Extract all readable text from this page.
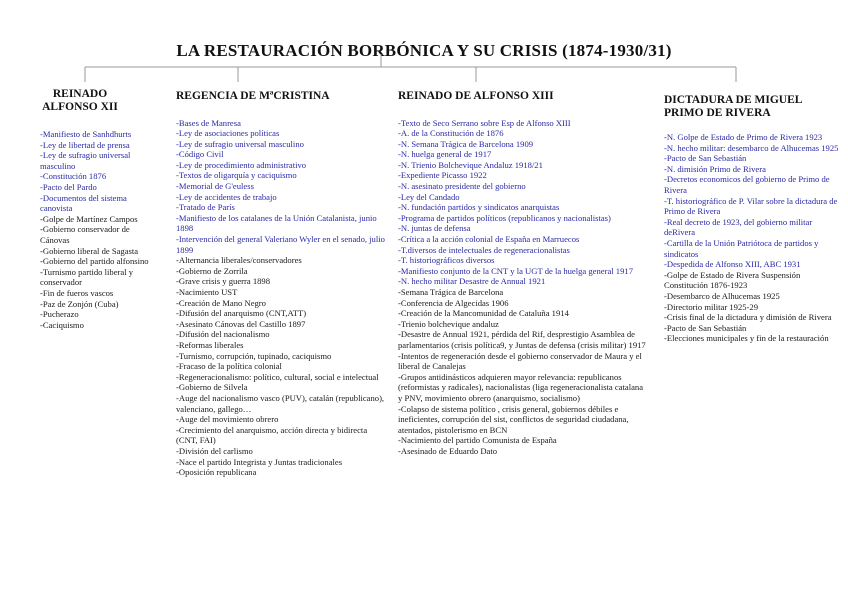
LA RESTAURACIÓN BORBÓNICA Y SU CRISIS (1874-1930/31)
REINADO ALFONSO XII
-Manifiesto de Sanhdhurts
-Ley de libertad de prensa
-Ley de sufragio universal masculino
-Constitución 1876
-Pacto del Pardo
-Documentos del sistema canovista
-Golpe de Martínez Campos
-Gobierno conservador de Cánovas
-Gobierno liberal de Sagasta
-Gobierno del partido alfonsino
-Turnismo partido liberal y conservador
-Fin de fueros vascos
-Paz de Zonjón (Cuba)
-Pucherazo
-Caciquismo
REGENCIA DE MªCRISTINA
-Bases de Manresa
-Ley de asociaciones políticas
-Ley de sufragio universal masculino
-Código Civil
-Ley de procedimiento administrativo
-Textos de oligarquía y caciquismo
-Memorial de G'euless
-Ley de accidentes de trabajo
-Tratado de París
-Manifiesto de los catalanes de la Unión Catalanista, junio 1898
-Intervención del general Valeriano Wyler en el senado, julio 1899
-Alternancia liberales/conservadores
-Gobierno de Zorrila
-Grave crisis y guerra 1898
-Nacimiento UST
-Creación de Mano Negro
-Difusión del anarquismo (CNT,ATT)
-Asesinato Cánovas del Castillo 1897
-Difusión del nacionalismo
-Reformas liberales
-Turnismo, corrupción, tupinado, caciquismo
-Fracaso de la política colonial
-Regeneracionalismo: político, cultural, social e intelectual
-Gobierno de Silvela
-Auge del nacionalismo vasco (PUV), catalán (republicano), valenciano, gallego…
-Auge del movimiento obrero
-Crecimiento del anarquismo, acción directa y bidirecta (CNT, FAI)
-División del carlismo
-Nace el partido Integrista y Juntas tradicionales
-Oposición republicana
REINADO DE ALFONSO XIII
-Texto de Seco Serrano sobre Esp de Alfonso XIII
-A. de la Constitución de 1876
-N. Semana Trágica de Barcelona 1909
-N. huelga general de 1917
-N. Trienio Bolchevique Andaluz 1918/21
-Expediente Picasso 1922
-N. asesinato presidente del gobierno
-Ley del Candado
-N. fundación partidos y sindicatos anarquistas
-Programa de partidos políticos (republicanos y nacionalistas)
-N. juntas de defensa
-Crítica a la acción colonial de España en Marruecos
-T.diversos de intelectuales de regeneracionalistas
-T. historiográficos diversos
-Manifiesto conjunto de la CNT y la UGT de la huelga general 1917
-N. hecho militar Desastre de Annual 1921
-Semana Trágica de Barcelona
-Conferencia de Algecidas 1906
-Creación de la Mancomunidad de Cataluña 1914
-Trienio bolchevique andaluz
-Desastre de Annual 1921, pérdida del Rif, desprestigio Asamblea de parlamentarios (crisis política9, y Juntas de defensa (crisis militar) 1917
-Intentos de regeneración desde el gobierno conservador de Maura y el liberal de Canalejas
-Grupos antidinásticos adquieren mayor relevancia: republicanos (reformistas y radicales), nacionalistas (liga regeneracionalista catalana y PNV, movimiento obrero (anarquismo, socialismo)
-Colapso de sistema político , crisis general, gobiernos débiles e ineficientes, corrupción del sist, conflictos de seguridad ciudadana, atentados, pistolerismo en BCN
-Nacimiento del partido Comunista de España
-Asesinado de Eduardo Dato
DICTADURA DE MIGUEL PRIMO DE RIVERA
-N. Golpe de Estado de Primo de Rivera 1923
-N. hecho militar: desembarco de Alhucemas 1925
-Pacto de San Sebastián
-N. dimisión Primo de Rivera
-Decretos economicos del gobierno de Primo de Rivera
-T. historiográfico de P. Vilar sobre la dictadura de Primo de Rivera
-Real decreto de 1923, del gobierno militar deRivera
-Cartilla de la Unión Patriótoca de partidos y sindicatos
-Despedida de Alfonso XIII, ABC 1931
-Golpe de Estado de Rivera Suspensión Constitución 1876-1923
-Desembarco de Alhucemas 1925
-Directorio militar 1925-29
-Crisis final de la dictadura y dimisión de Rivera
-Pacto de San Sebastián
-Elecciones municipales y fin de la restauración
